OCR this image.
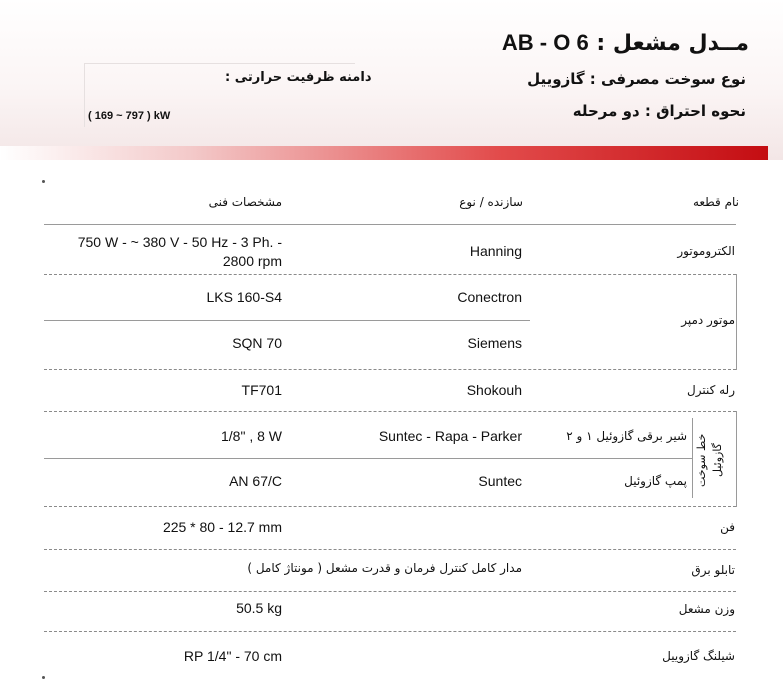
مــدل مشعل : AB - O 6
نوع سوخت مصرفی : گازوییل
نحوه احتراق : دو مرحله
دامنه ظرفیت حرارتی :
( 169 ~ 797 ) kW
نام قطعه
سازنده / نوع
مشخصات فنی
الکتروموتور
Hanning
750 W - ~ 380 V - 50 Hz - 3 Ph. -
2800 rpm
Conectron
LKS 160-S4
موتور دمپر
Siemens
SQN 70
رله کنترل
Shokouh
TF701
خط سوخت گازوئیل
شیر برقی گازوئیل ۱ و ۲
Suntec - Rapa - Parker
1/8" , 8 W
پمپ گازوئیل
Suntec
AN 67/C
فن
225 * 80 - 12.7 mm
تابلو برق
مدار کامل کنترل فرمان و قدرت مشعل ( مونتاژ کامل )
وزن مشعل
50.5 kg
شیلنگ گازوییل
RP 1/4" - 70 cm
